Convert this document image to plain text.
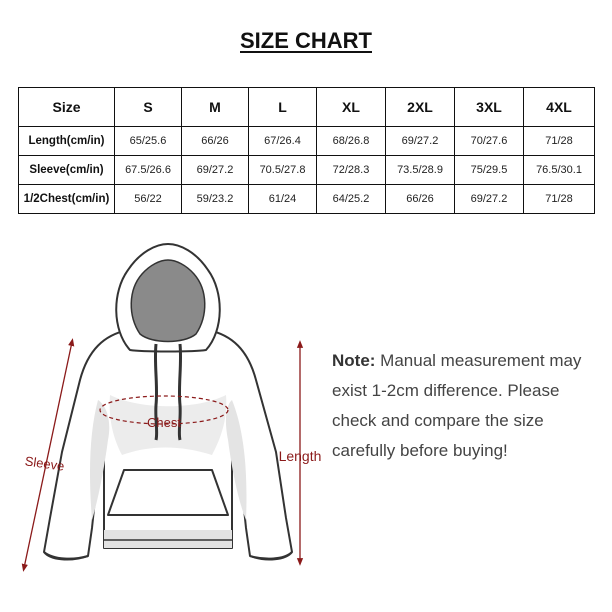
SIZE CHART
Size	S	M	L	XL	2XL	3XL	4XL
Length(cm/in)	65/25.6	66/26	67/26.4	68/26.8	69/27.2	70/27.6	71/28
Sleeve(cm/in)	67.5/26.6	69/27.2	70.5/27.8	72/28.3	73.5/28.9	75/29.5	76.5/30.1
1/2Chest(cm/in)	56/22	59/23.2	61/24	64/25.2	66/26	69/27.2	71/28
Chest
Sleeve	Length
Note: Manual measurement may exist 1-2cm difference. Please check and compare the size carefully before buying!
